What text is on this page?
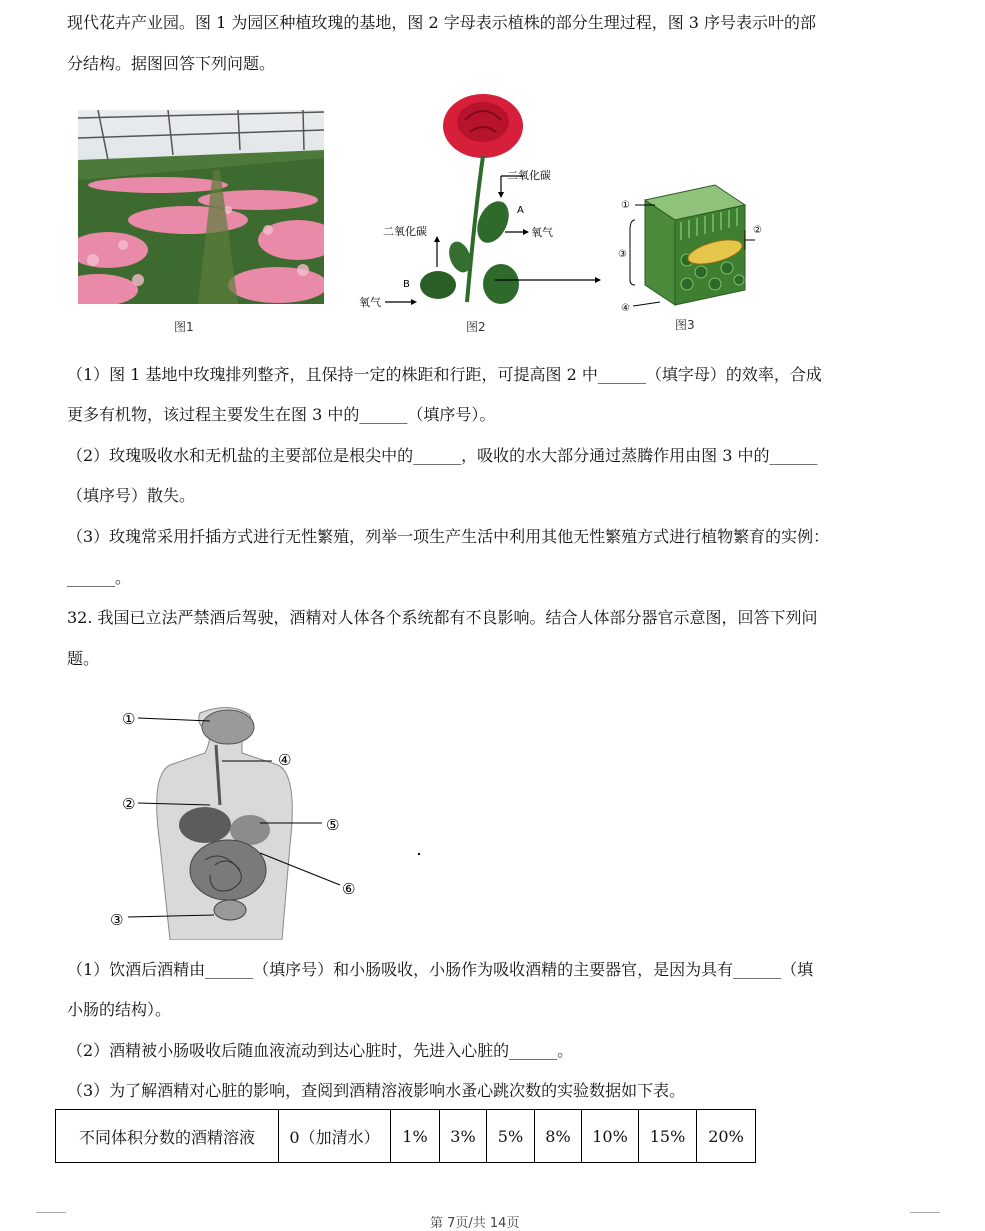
现代花卉产业园。图 1 为园区种植玫瑰的基地，图 2 字母表示植株的部分生理过程，图 3 序号表示叶的部
分结构。据图回答下列问题。
图1
A
B
二氧化碳
氧气
二氧化碳
氧气
图2
①
②
③
④
图3
（1）图 1 基地中玫瑰排列整齐，且保持一定的株距和行距，可提高图 2 中______（填字母）的效率，合成
更多有机物，该过程主要发生在图 3 中的______（填序号）。
（2）玫瑰吸收水和无机盐的主要部位是根尖中的______，吸收的水大部分通过蒸腾作用由图 3 中的______
（填序号）散失。
（3）玫瑰常采用扦插方式进行无性繁殖，列举一项生产生活中利用其他无性繁殖方式进行植物繁育的实例：
______。
32. 我国已立法严禁酒后驾驶，酒精对人体各个系统都有不良影响。结合人体部分器官示意图，回答下列问
题。
①
②
③
④
⑤
⑥
（1）饮酒后酒精由______（填序号）和小肠吸收，小肠作为吸收酒精的主要器官，是因为具有______（填
小肠的结构）。
（2）酒精被小肠吸收后随血液流动到达心脏时，先进入心脏的______。
（3）为了解酒精对心脏的影响，查阅到酒精溶液影响水蚤心跳次数的实验数据如下表。
不同体积分数的酒精溶液	0（加清水）	1%	3%	5%	8%	10%	15%	20%
第 7页/共 14页
